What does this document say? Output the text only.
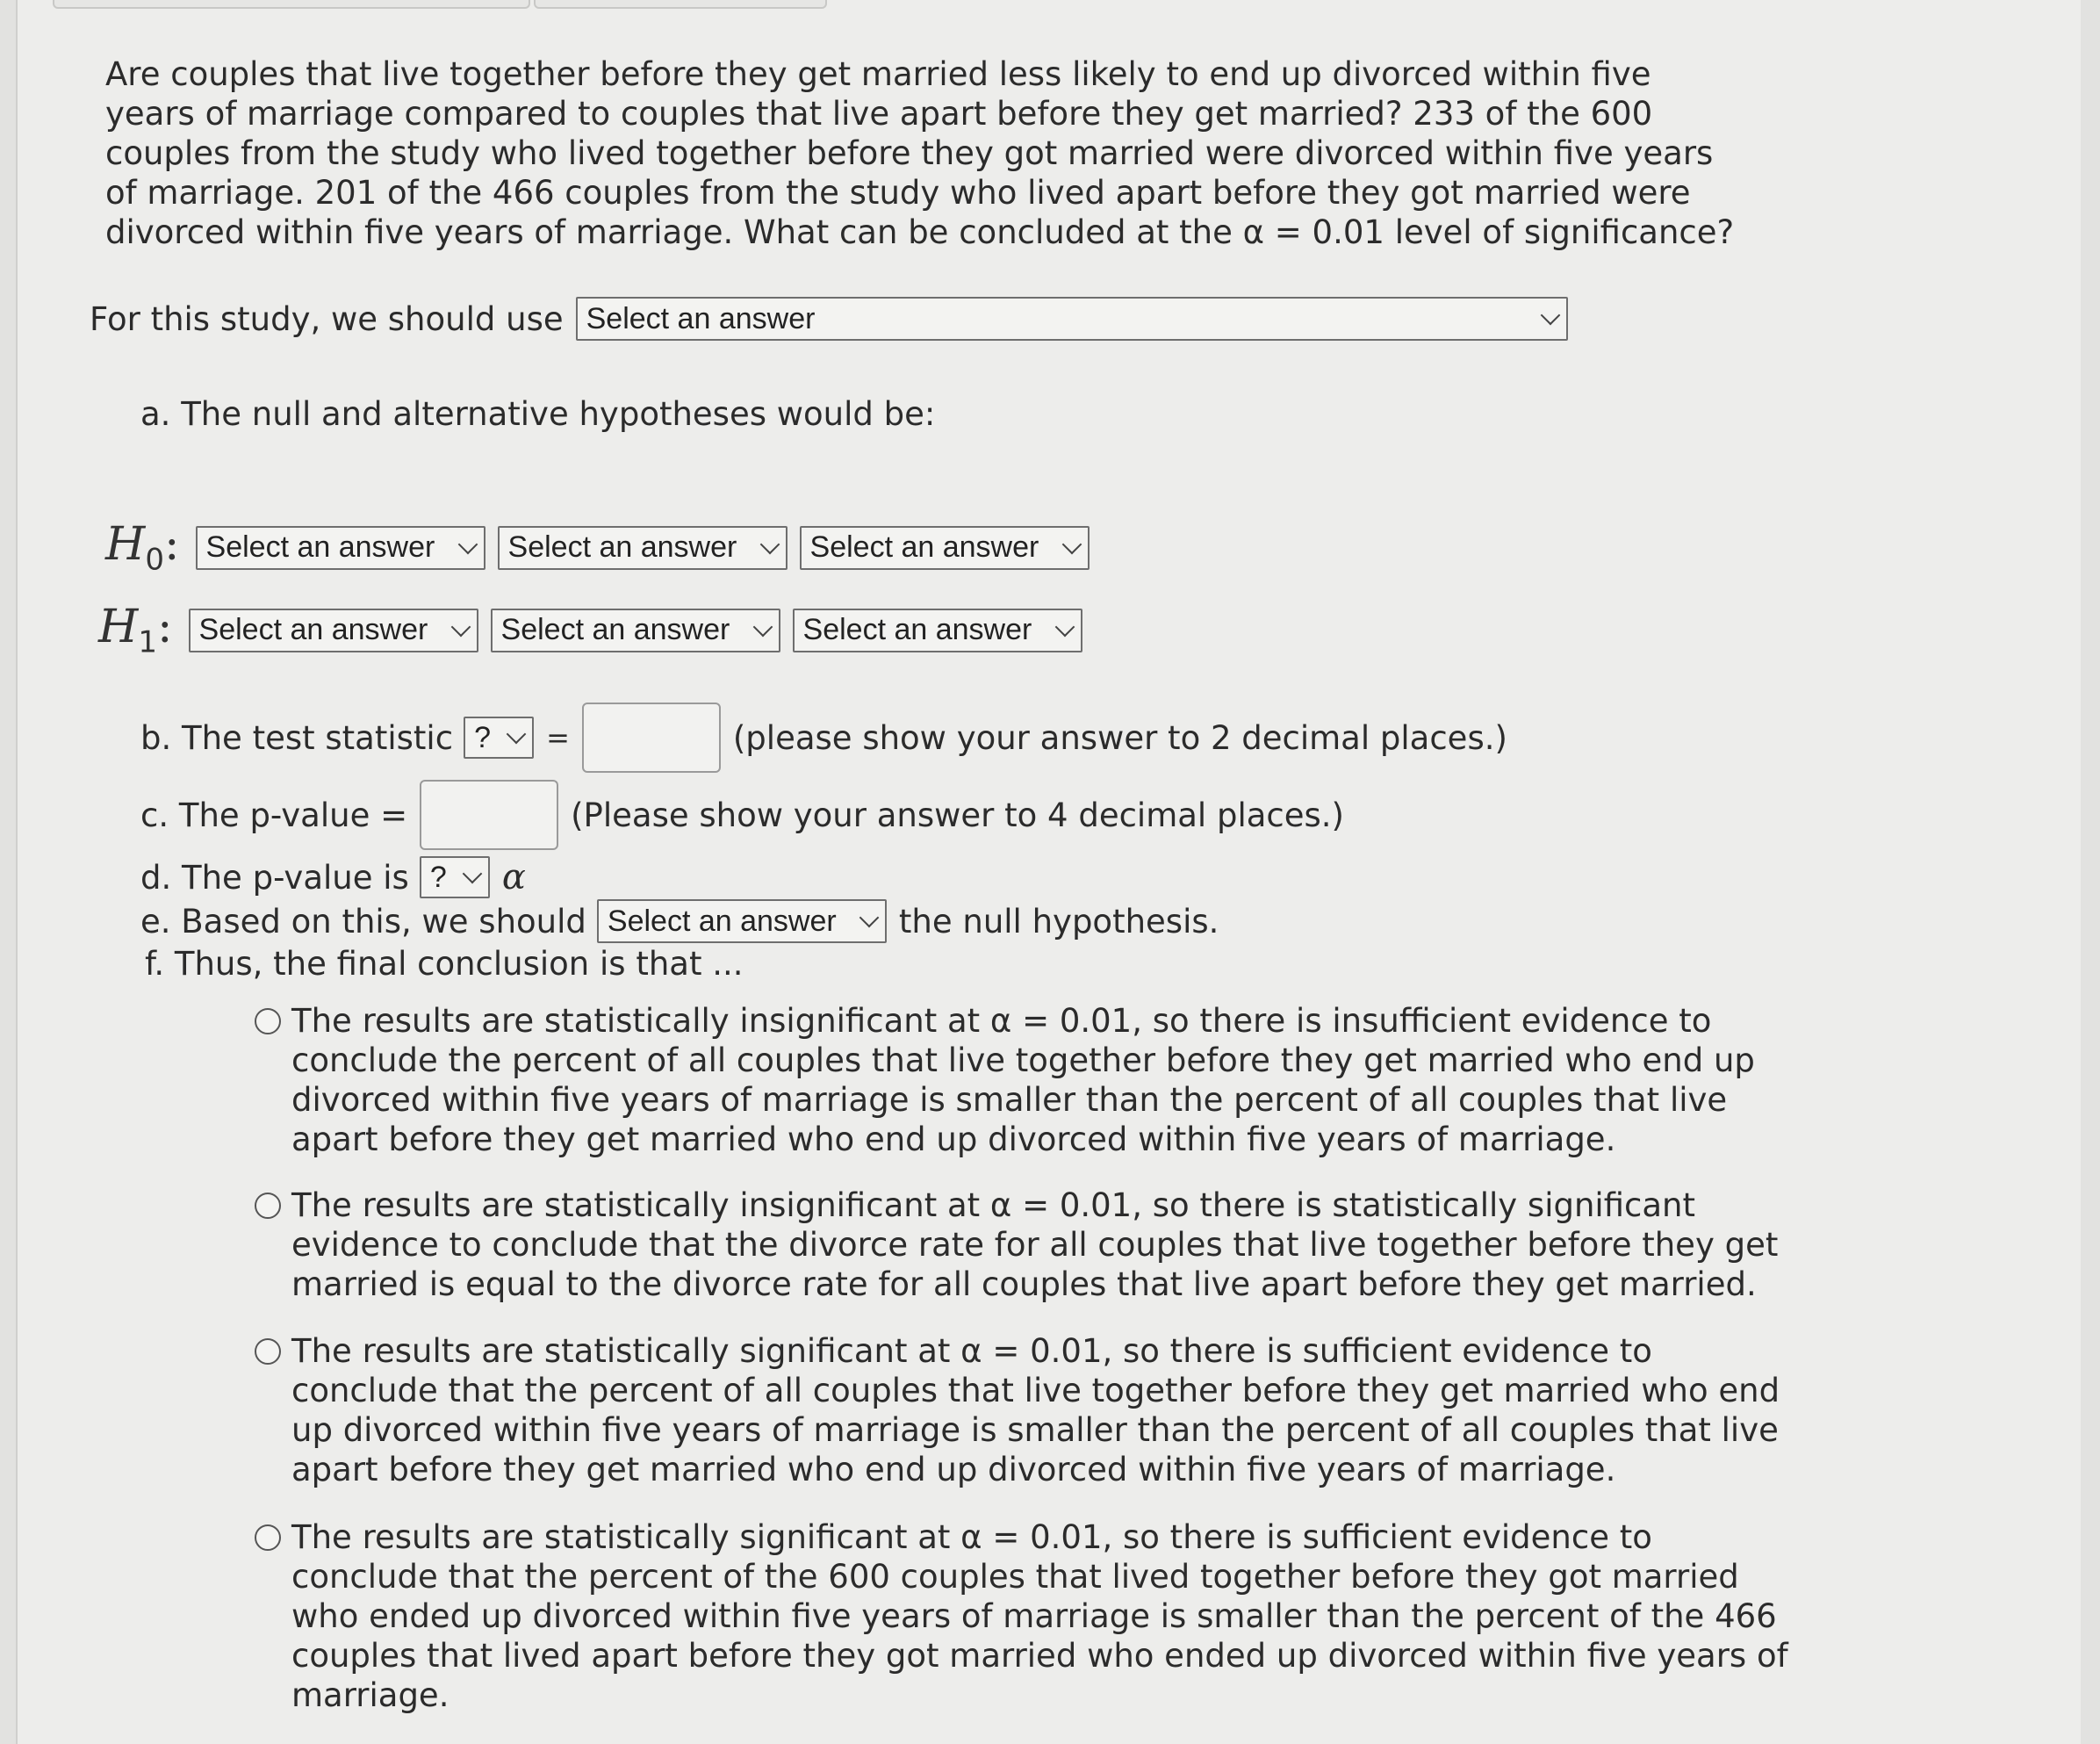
Are couples that live together before they get married less likely to end up divorced within five years of marriage compared to couples that live apart before they get married? 233 of the 600 couples from the study who lived together before they got married were divorced within five years of marriage. 201 of the 466 couples from the study who lived apart before they got married were divorced within five years of marriage. What can be concluded at the α = 0.01 level of significance?

For this study, we should use Select an answer
a. The null and alternative hypotheses would be:
$H_0$: Select an answer Select an answer Select an answer
$H_1$: Select an answer Select an answer Select an answer
b. The test statistic ? =	(please show your answer to 2 decimal places.)
c. The p-value =	(Please show your answer to 4 decimal places.)
d. The p-value is ? α
e. Based on this, we should Select an answer the null hypothesis.
f. Thus, the final conclusion is that ...
The results are statistically insignificant at α = 0.01, so there is insufficient evidence to conclude the percent of all couples that live together before they get married who end up divorced within five years of marriage is smaller than the percent of all couples that live apart before they get married who end up divorced within five years of marriage.
The results are statistically insignificant at α = 0.01, so there is statistically significant evidence to conclude that the divorce rate for all couples that live together before they get married is equal to the divorce rate for all couples that live apart before they get married.
The results are statistically significant at α = 0.01, so there is sufficient evidence to conclude that the percent of all couples that live together before they get married who end up divorced within five years of marriage is smaller than the percent of all couples that live apart before they get married who end up divorced within five years of marriage.
The results are statistically significant at α = 0.01, so there is sufficient evidence to conclude that the percent of the 600 couples that lived together before they got married who ended up divorced within five years of marriage is smaller than the percent of the 466 couples that lived apart before they got married who ended up divorced within five years of marriage.
